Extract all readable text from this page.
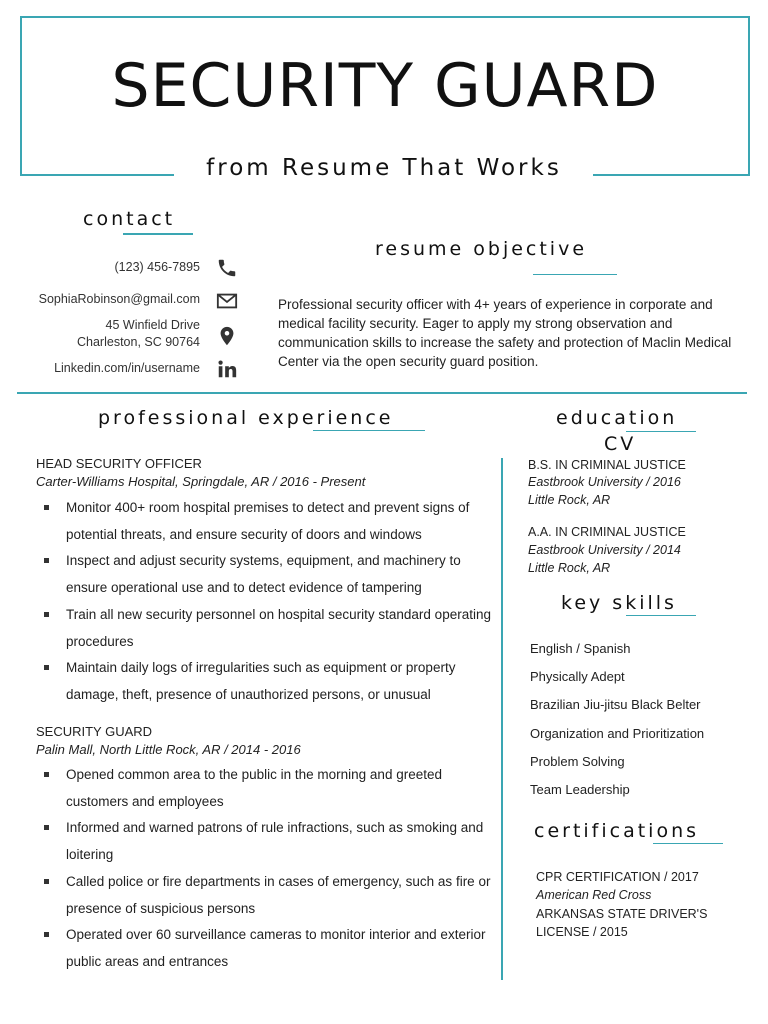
SECURITY GUARD
from Resume That Works
contact
(123) 456-7895
SophiaRobinson@gmail.com
45 Winfield Drive
Charleston, SC 90764
Linkedin.com/in/username
resume objective
Professional security officer with 4+ years of experience in corporate and medical facility security. Eager to apply my strong observation and communication skills to increase the safety and protection of Maclin Medical Center via the open security guard position.
professional experience
HEAD SECURITY OFFICER
Carter-Williams Hospital, Springdale, AR / 2016 - Present
Monitor 400+ room hospital premises to detect and prevent signs of potential threats, and ensure security of doors and windows
Inspect and adjust security systems, equipment, and machinery to ensure operational use and to detect evidence of tampering
Train all new security personnel on hospital security standard operating procedures
Maintain daily logs of irregularities such as equipment or property damage, theft, presence of unauthorized persons, or unusual
SECURITY GUARD
Palin Mall, North Little Rock, AR / 2014 - 2016
Opened common area to the public in the morning and greeted customers and employees
Informed and warned patrons of rule infractions, such as smoking and loitering
Called police or fire departments in cases of emergency, such as fire or presence of suspicious persons
Operated over 60 surveillance cameras to monitor interior and exterior public areas and entrances
education
CV
B.S. IN CRIMINAL JUSTICE
Eastbrook University / 2016
Little Rock, AR
A.A. IN CRIMINAL JUSTICE
Eastbrook University / 2014
Little Rock, AR
key skills
English / Spanish
Physically Adept
Brazilian Jiu-jitsu Black Belter
Organization and Prioritization
Problem Solving
Team Leadership
certifications
CPR CERTIFICATION / 2017
American Red Cross
ARKANSAS STATE DRIVER'S
LICENSE / 2015
